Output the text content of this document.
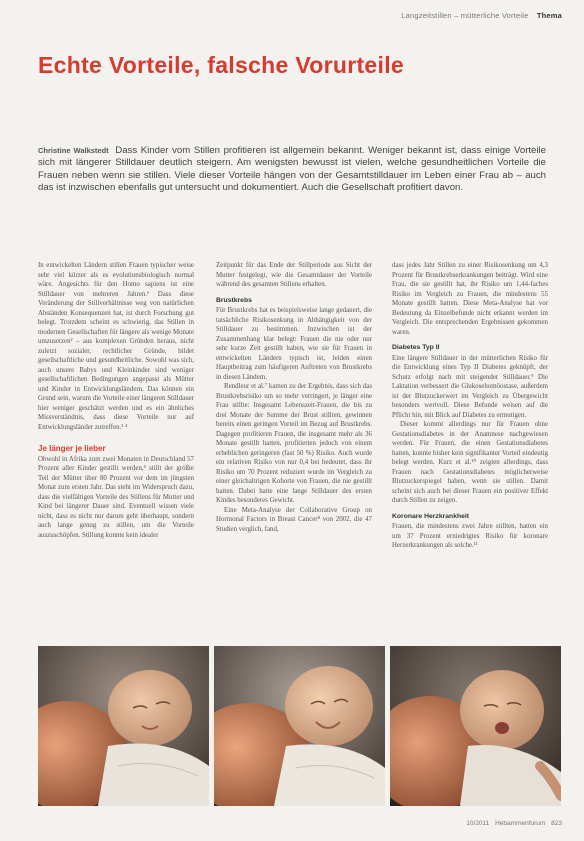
Langzeitstillen – mütterliche Vorteile Thema
Echte Vorteile, falsche Vorurteile

Christine Walkstedt Dass Kinder vom Stillen profitieren ist allgemein bekannt. Weniger bekannt ist, dass einige Vorteile sich mit längerer Stilldauer deutlich steigern. Am wenigsten bewusst ist vielen, welche gesundheitlichen Vorteile die Frauen neben wenn sie stillen. Viele dieser Vorteile hängen von der Gesamtstilldauer im Leben einer Frau ab – auch das ist inzwischen ebenfalls gut untersucht und dokumentiert. Auch die Gesellschaft profitiert davon.

In entwickelten Ländern stillen Frauen typischer weise sehr viel kürzer als es evolutionsbiologisch normal wäre. Angesichts für den Homo sapiens ist eine Stilldauer von mehreren Jahren.¹ Dass diese Veränderung der Stillverhältnisse weg von natürlichen Abständen Konsequenzen hat, ist durch Forschung gut belegt. Trotzdem scheint es schwierig, das Stillen in modernen Gesellschaften für längere als wenige Monate umzusetzen² – aus komplexen Gründen heraus, nicht zuletzt sozialer, rechtlicher Gründe, bildet gesellschaftliche und gesundheitliche. Sowohl was sich, auch unsere Babys und Kleinkinder sind weniger gesellschaftlichen Bedingungen angepasst als Mütter und Kinder in Entwicklungsländern. Das können ein Grund sein, warum die Vorteile einer längeren Stilldauer hier weniger geschätzt werden und es ein ähnliches Missverständnis, dass diese Vorteile nur auf Entwicklungsländer zutreffen.³ ⁴

Je länger je lieber

Obwohl in Afrika zum zwei Monaten in Deutschland 57 Prozent aller Kinder gestillt werden,⁵ stillt der größte Teil der Mütter über 80 Prozent vor dem im jüngsten Monat zum ersten Jahr. Das steht im Widerspruch dazu, dass die vielfältigen Vorteile des Stillens für Mutter und Kind bei längerer Dauer sind. Eventuell wissen viele nicht, dass es nicht nur darum geht überhaupt, sondern auch lange genug zu stillen, um die Vorteile auszuschöpfen. Stillung konnte kein idealer

Zeitpunkt für das Ende der Stillperiode aus Sicht der Mutter festgelegt, wie die Gesamtdauer der Vorteile während des gesamten Stillens erhalten.

Brustkrebs

Für Brustkrebs hat es beispielsweise lange gedauert, die tatsächliche Risikosenkung in Abhängigkeit von der Stilldauer zu bestimmen. Inzwischen ist der Zusammenhang klar belegt: Frauen die nie oder nur sehr kurze Zeit gestillt haben, wie sie für Frauen in entwickelten Ländern typisch ist, leiden einen Hauptbeitrag zum häufigeren Auftreten von Brustkrebs in diesen Ländern.

Rendleur et al.⁷ kamen zu der Ergebnis, dass sich das Brustkrebsrisiko um so mehr verringert, je länger eine Frau stillte: Insgesamt Lebenszeit-Frauen, die bis zu drei Monate der Summe der Brust stillten, gewinnen bereits einen geringen Vorteil im Bezug auf Brustkrebs. Dagegen profitieren Frauen, die insgesamt mehr als 36 Monate gestillt hatten, profitierten jedoch von einem erheblichen geringeren (fast 50 %) Risiko. Auch wurde ein relativen Risiko von nur 0,4 bei bedeutet, dass ihr Risiko um 70 Prozent reduziert wurde im Vergleich zu einer gleichaltrigen Kohorte von Frauen, die nie gestillt hatten. Dabei hatte eine lange Stilldauer des ersten Kindes besonderes Gewicht.

Eine Meta-Analyse der Collaborative Group on Hormonal Factors in Breast Cancer⁸ von 2002, die 47 Studien verglich, fand,

dass jedes Jahr Stillen zu einer Risikosenkung um 4,3 Prozent für Brustkrebserkrankungen beiträgt. Wird eine Frau, die sie gestillt hat, ihr Risiko um 1,44-faches Risiko im Vergleich zu Frauen, die mindestens 55 Monate gestillt hatten. Diese Meta-Analyse hat vor Bedeutung da Einzelbefunde nicht erkannt werden im Vergleich. Die entsprechenden Ergebnissen gekommen waren.

Diabetes Typ II

Eine längere Stilldauer in der mütterlichen Risiko für die Entwicklung eines Typ II Diabetes geknüpft, der Schutz erfolgt nach mit steigender Stilldauer.⁹ Die Laktation verbessert die Glukosehomöostase, außerdem ist der Blutzuckerwert im Vergleich zu Übergewicht besonders wertvoll. Diese Befunde weisen auf die Pflicht hin, mit Blick auf Diabetes zu ermutigen.

Dieser kommt allerdings nur für Frauen ohne Gestationsdiabetes in der Anamnese nachgewiesen werden. Für Frauen, die einen Gestationsdiabetes hatten, konnte bisher kein signifikanter Vorteil eindeutig belegt werden. Kurz et al.¹⁰ zeigten allerdings, dass Frauen nach Gestationsdiabetes möglicherweise Blutzuckerspiegel haben, wenn sie stillen. Damit scheint sich auch bei dieser Frauen ein positiver Effekt durch Stillen zu zeigen.

Koronare Herzkrankheit

Frauen, die mindestens zwei Jahre stillten, hatten ein um 37 Prozent erniedrigtes Risiko für koronare Herzerkrankungen als solche.¹¹

10/2011 Hebammenforum 823
